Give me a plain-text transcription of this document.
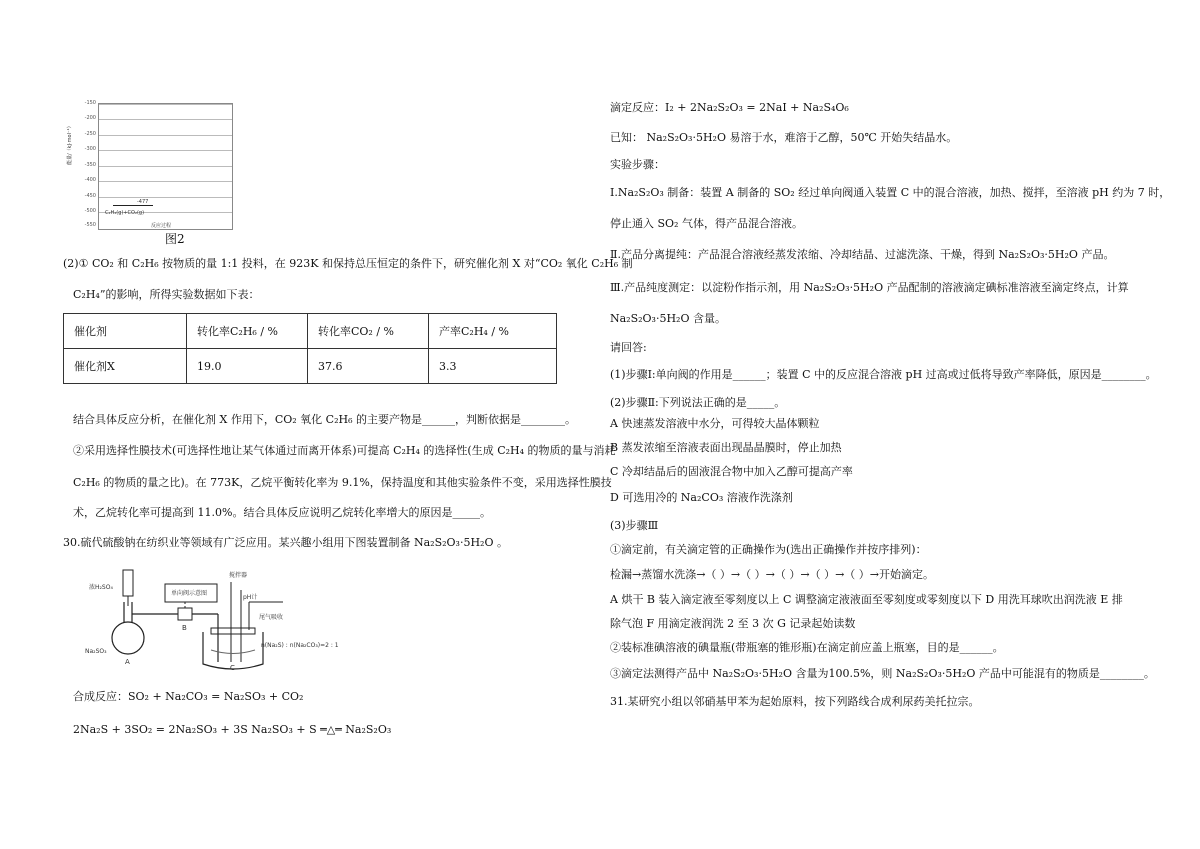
-477
C₂H₄(g)+CO₂(g)
反应过程
-150
-200
-250
-300
-350
-400
-450
-500
-550
能量/（kJ·mol⁻¹）
图2
(2)① CO₂ 和 C₂H₆ 按物质的量 1:1 投料，在 923K 和保持总压恒定的条件下，研究催化剂 X 对“CO₂ 氧化 C₂H₆ 制
C₂H₄”的影响，所得实验数据如下表：
催化剂	转化率C₂H₆ / %	转化率CO₂ / %	产率C₂H₄ / %
催化剂X	19.0	37.6	3.3
结合具体反应分析，在催化剂 X 作用下，CO₂ 氧化 C₂H₆ 的主要产物是______，判断依据是________。
②采用选择性膜技术(可选择性地让某气体通过而离开体系)可提高 C₂H₄ 的选择性(生成 C₂H₄ 的物质的量与消耗
C₂H₆ 的物质的量之比)。在 773K，乙烷平衡转化率为 9.1%，保持温度和其他实验条件不变，采用选择性膜技
术，乙烷转化率可提高到 11.0%。结合具体反应说明乙烷转化率增大的原因是_____。
30.硫代硫酸钠在纺织业等领域有广泛应用。某兴趣小组用下图装置制备 Na₂S₂O₃·5H₂O 。
浓H₂SO₄
单向阀示意图
搅拌器
pH计
尾气吸收
Na₂SO₃
n(Na₂S) : n(Na₂CO₃)=2 : 1
A
B
C
合成反应：SO₂ + Na₂CO₃ = Na₂SO₃ + CO₂
2Na₂S + 3SO₂ = 2Na₂SO₃ + 3S Na₂SO₃ + S ═△═ Na₂S₂O₃
滴定反应：I₂ + 2Na₂S₂O₃ = 2NaI + Na₂S₄O₆
已知： Na₂S₂O₃·5H₂O 易溶于水，难溶于乙醇，50℃ 开始失结晶水。
实验步骤：
Ⅰ.Na₂S₂O₃ 制备：装置 A 制备的 SO₂ 经过单向阀通入装置 C 中的混合溶液，加热、搅拌，至溶液 pH 约为 7 时，
停止通入 SO₂ 气体，得产品混合溶液。
Ⅱ.产品分离提纯：产品混合溶液经蒸发浓缩、冷却结晶、过滤洗涤、干燥，得到 Na₂S₂O₃·5H₂O 产品。
Ⅲ.产品纯度测定：以淀粉作指示剂，用 Na₂S₂O₃·5H₂O 产品配制的溶液滴定碘标准溶液至滴定终点，计算
Na₂S₂O₃·5H₂O 含量。
请回答:
(1)步骤Ⅰ:单向阀的作用是______；装置 C 中的反应混合溶液 pH 过高或过低将导致产率降低，原因是________。
(2)步骤Ⅱ:下列说法正确的是_____。
A 快速蒸发溶液中水分，可得较大晶体颗粒
B 蒸发浓缩至溶液表面出现晶晶膜时，停止加热
C 冷却结晶后的固液混合物中加入乙醇可提高产率
D 可选用冷的 Na₂CO₃ 溶液作洗涤剂
(3)步骤Ⅲ
①滴定前，有关滴定管的正确操作为(选出正确操作并按序排列)：
检漏→蒸馏水洗涤→（ ）→（ ）→（ ）→（ ）→（ ）→开始滴定。
A 烘干 B 装入滴定液至零刻度以上 C 调整滴定液液面至零刻度或零刻度以下 D 用洗耳球吹出润洗液 E 排
除气泡 F 用滴定液润洗 2 至 3 次 G 记录起始读数
②装标准碘溶液的碘量瓶(带瓶塞的锥形瓶)在滴定前应盖上瓶塞，目的是______。
③滴定法测得产品中 Na₂S₂O₃·5H₂O 含量为100.5%，则 Na₂S₂O₃·5H₂O 产品中可能混有的物质是________。
31.某研究小组以邻硝基甲苯为起始原料，按下列路线合成利尿药美托拉宗。
